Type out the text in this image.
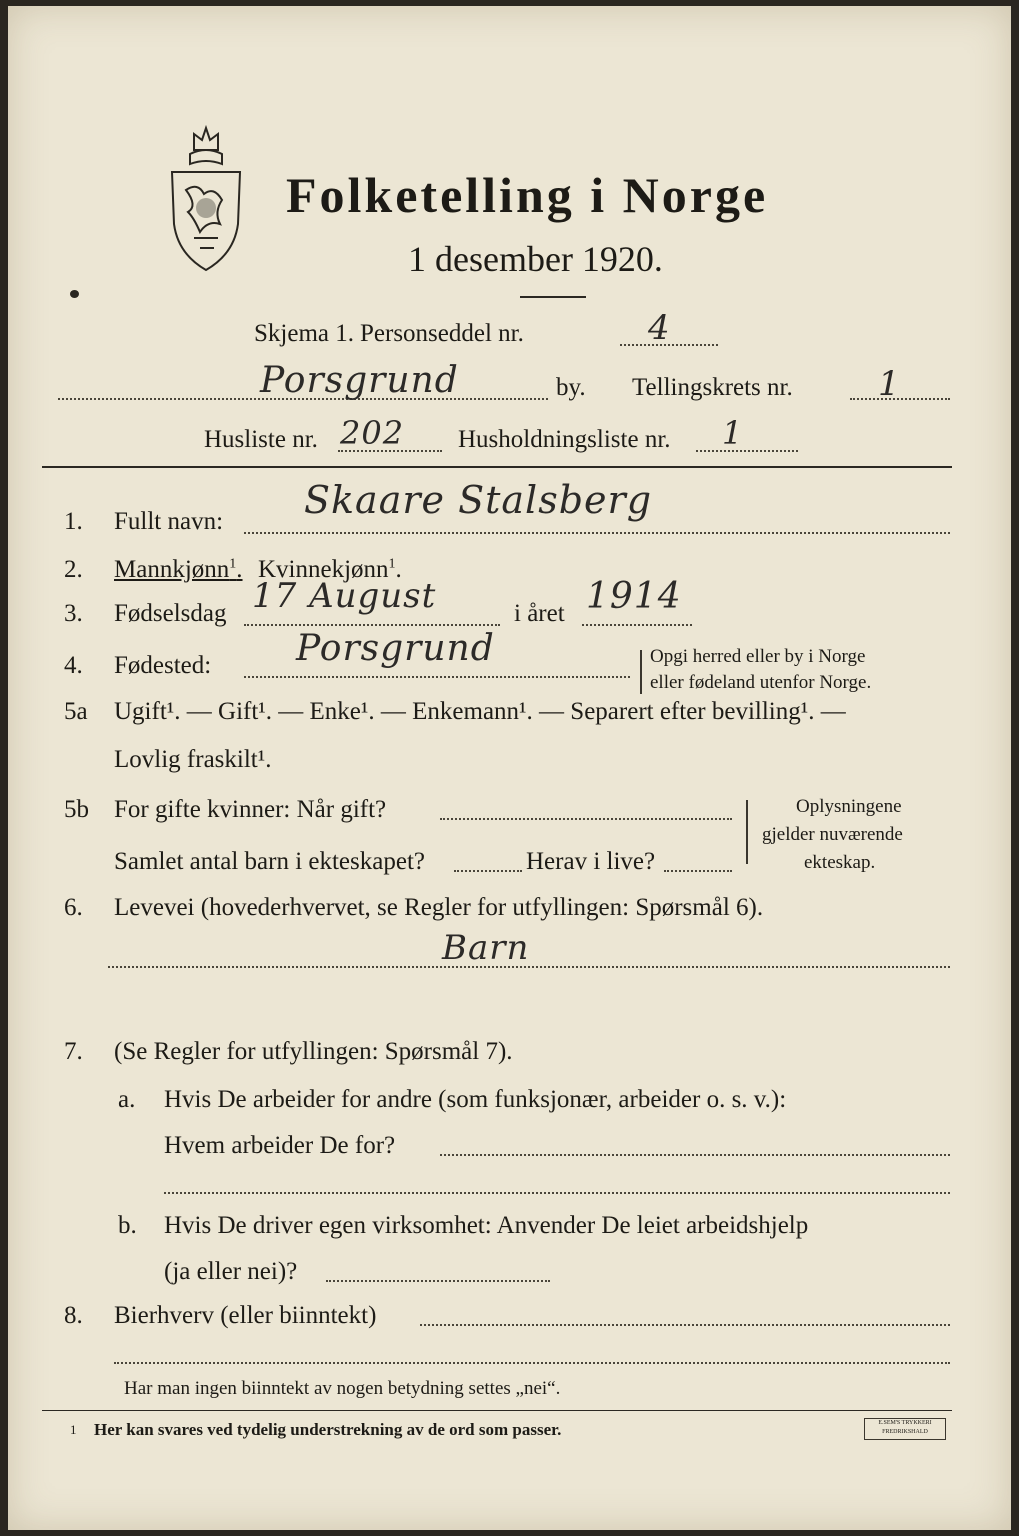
Folketelling i Norge
1 desember 1920.
Skjema 1. Personseddel nr.	4
Porsgrund	by. Tellingskrets nr.	1
Husliste nr. 202 Husholdningsliste nr. 1
1. Fullt navn: Skaare Stalsberg
2. Mannkjønn$^1$. Kvinnekjønn$^1$.
3. Fødselsdag 17 August	i året 1914
4. Fødested: Porsgrund	Opgi herred eller by i Norge
eller fødeland utenfor Norge.
5a Ugift¹. — Gift¹. — Enke¹. — Enkemann¹. — Separert efter bevilling¹. —
Lovlig fraskilt¹.
5b For gifte kvinner: Når gift?
Samlet antal barn i ekteskapet?	Herav i live?
Oplysningene
gjelder nuværende
ekteskap.
6. Levevei (hovederhvervet, se Regler for utfyllingen: Spørsmål 6).
Barn
7. (Se Regler for utfyllingen: Spørsmål 7).
a. Hvis De arbeider for andre (som funksjonær, arbeider o. s. v.):
Hvem arbeider De for?
b. Hvis De driver egen virksomhet: Anvender De leiet arbeidshjelp
(ja eller nei)?
8. Bierhverv (eller biinntekt)
Har man ingen biinntekt av nogen betydning settes „nei“.
1 Her kan svares ved tydelig understrekning av de ord som passer.	E.SEM'S TRYKKERI
FREDRIKSHALD
